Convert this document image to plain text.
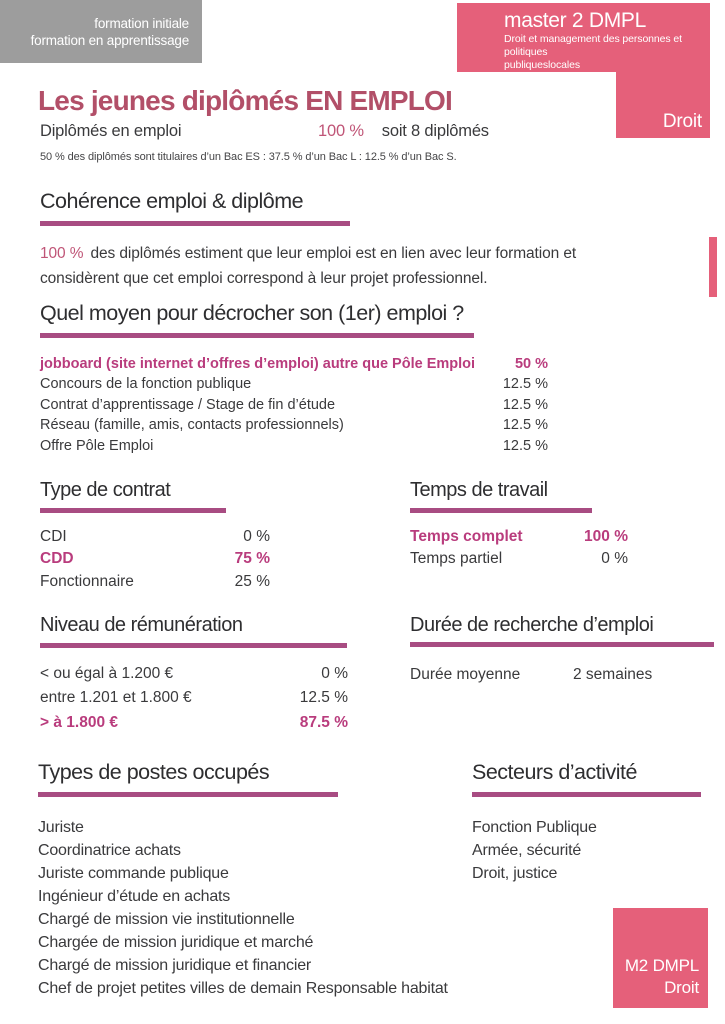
formation initiale
formation en apprentissage
master 2 DMPL
Droit et management des personnes et politiques
publiqueslocales
Droit
Les jeunes diplômés EN EMPLOI
Diplômés en emploi	100 % soit 8 diplômés
50 % des diplômés sont titulaires d’un Bac ES : 37.5 % d’un Bac L : 12.5 % d’un Bac S.
Cohérence emploi & diplôme
100 % des diplômés estiment que leur emploi est en lien avec leur formation et
considèrent que cet emploi correspond à leur projet professionnel.
Quel moyen pour décrocher son (1er) emploi ?
jobboard (site internet d’offres d’emploi) autre que Pôle Emploi	50 %
Concours de la fonction publique	12.5 %
Contrat d’apprentissage / Stage de fin d’étude	12.5 %
Réseau (famille, amis, contacts professionnels)	12.5 %
Offre Pôle Emploi	12.5 %
Type de contrat
CDI	0 %
CDD	75 %
Fonctionnaire	25 %
Temps de travail
Temps complet	100 %
Temps partiel	0 %
Niveau de rémunération
< ou égal à 1.200 €	0 %
entre 1.201 et 1.800 €	12.5 %
> à 1.800 €	87.5 %
Durée de recherche d’emploi
Durée moyenne	2 semaines
Types de postes occupés
Juriste
Coordinatrice achats
Juriste commande publique
Ingénieur d’étude en achats
Chargé de mission vie institutionnelle
Chargée de mission juridique et marché
Chargé de mission juridique et financier
Chef de projet petites villes de demain Responsable habitat
Secteurs d’activité
Fonction Publique
Armée, sécurité
Droit, justice
M2 DMPL
Droit
